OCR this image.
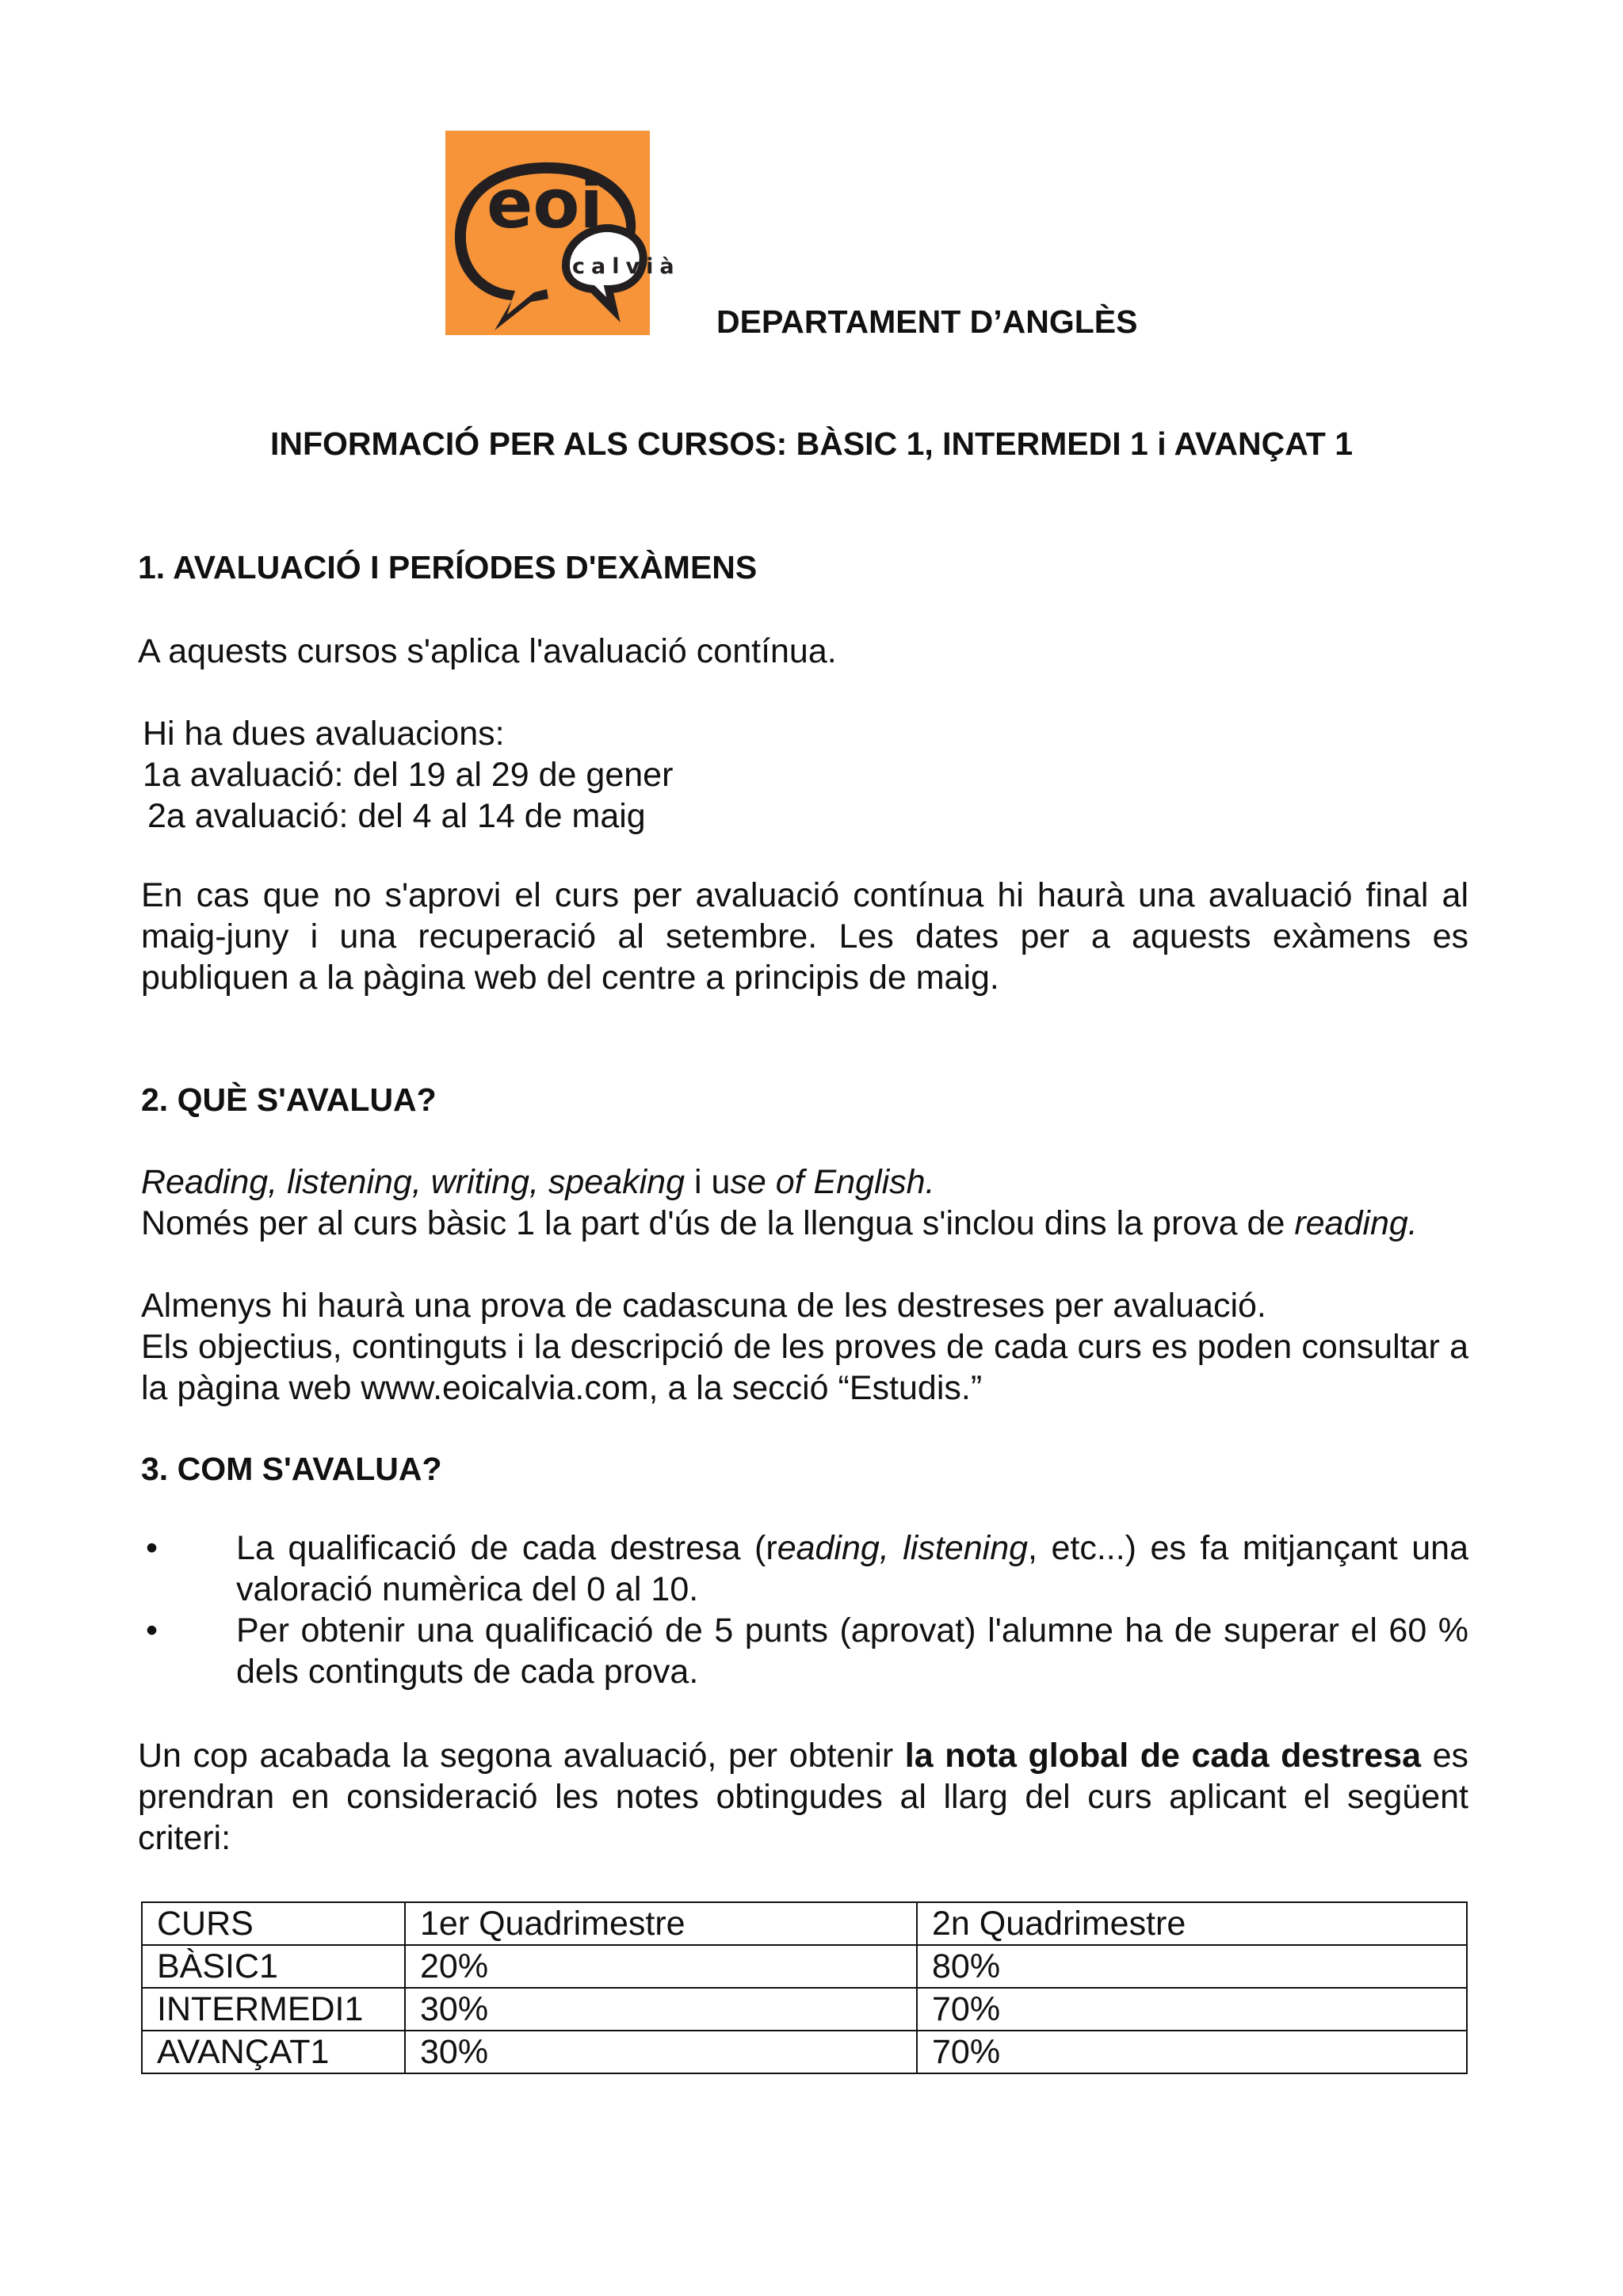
eoi
calvià
DEPARTAMENT D’ANGLÈS
INFORMACIÓ PER ALS CURSOS: BÀSIC 1, INTERMEDI 1 i AVANÇAT 1
1. AVALUACIÓ I PERÍODES D'EXÀMENS
A aquests cursos s'aplica l'avaluació contínua.
Hi ha dues avaluacions:
1a avaluació: del 19 al 29 de gener
2a avaluació: del 4 al 14 de maig
En cas que no s'aprovi el curs per avaluació contínua hi haurà una avaluació final al maig-juny i una recuperació al setembre. Les dates per a aquests exàmens es publiquen a la pàgina web del centre a principis de maig.
2. QUÈ S'AVALUA?
Reading, listening, writing, speaking i use of English.
Només per al curs bàsic 1 la part d'ús de la llengua s'inclou dins la prova de reading.
Almenys hi haurà una prova de cadascuna de les destreses per avaluació.
Els objectius, continguts i la descripció de les proves de cada curs es poden consultar a la pàgina web www.eoicalvia.com, a la secció “Estudis.”
3. COM S'AVALUA?
• La qualificació de cada destresa (reading, listening, etc...) es fa mitjançant una valoració numèrica del 0 al 10.
• Per obtenir una qualificació de 5 punts (aprovat) l'alumne ha de superar el 60 % dels continguts de cada prova.
Un cop acabada la segona avaluació, per obtenir la nota global de cada destresa es prendran en consideració les notes obtingudes al llarg del curs aplicant el següent criteri:
CURS	1er Quadrimestre	2n Quadrimestre
BÀSIC1	20%	80%
INTERMEDI1	30%	70%
AVANÇAT1	30%	70%
